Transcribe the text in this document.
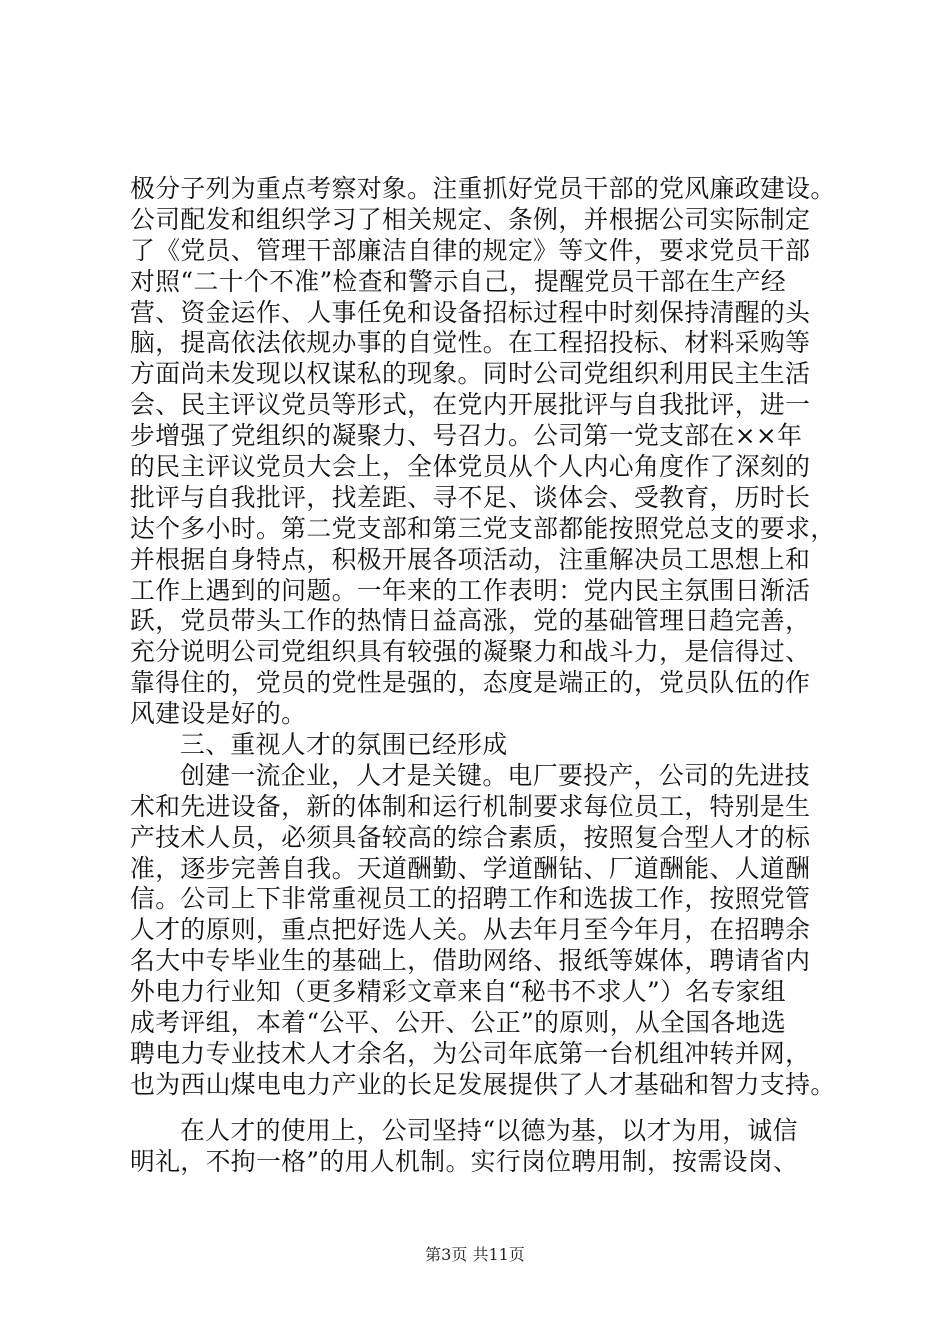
极分子列为重点考察对象。注重抓好党员干部的党风廉政建设。
公司配发和组织学习了相关规定、条例，并根据公司实际制定
了《党员、管理干部廉洁自律的规定》等文件，要求党员干部
对照“二十个不准”检查和警示自己，提醒党员干部在生产经
营、资金运作、人事任免和设备招标过程中时刻保持清醒的头
脑，提高依法依规办事的自觉性。在工程招投标、材料采购等
方面尚未发现以权谋私的现象。同时公司党组织利用民主生活
会、民主评议党员等形式，在党内开展批评与自我批评，进一
步增强了党组织的凝聚力、号召力。公司第一党支部在××年
的民主评议党员大会上，全体党员从个人内心角度作了深刻的
批评与自我批评，找差距、寻不足、谈体会、受教育，历时长
达个多小时。第二党支部和第三党支部都能按照党总支的要求，
并根据自身特点，积极开展各项活动，注重解决员工思想上和
工作上遇到的问题。一年来的工作表明：党内民主氛围日渐活
跃，党员带头工作的热情日益高涨，党的基础管理日趋完善，
充分说明公司党组织具有较强的凝聚力和战斗力，是信得过、
靠得住的，党员的党性是强的，态度是端正的，党员队伍的作
风建设是好的。
三、重视人才的氛围已经形成
创建一流企业，人才是关键。电厂要投产，公司的先进技
术和先进设备，新的体制和运行机制要求每位员工，特别是生
产技术人员，必须具备较高的综合素质，按照复合型人才的标
准，逐步完善自我。天道酬勤、学道酬钻、厂道酬能、人道酬
信。公司上下非常重视员工的招聘工作和选拔工作，按照党管
人才的原则，重点把好选人关。从去年月至今年月，在招聘余
名大中专毕业生的基础上，借助网络、报纸等媒体，聘请省内
外电力行业知（更多精彩文章来自“秘书不求人”）名专家组
成考评组，本着“公平、公开、公正”的原则，从全国各地选
聘电力专业技术人才余名，为公司年底第一台机组冲转并网，
也为西山煤电电力产业的长足发展提供了人才基础和智力支持。
在人才的使用上，公司坚持“以德为基，以才为用，诚信
明礼，不拘一格”的用人机制。实行岗位聘用制，按需设岗、
第3页 共11页
